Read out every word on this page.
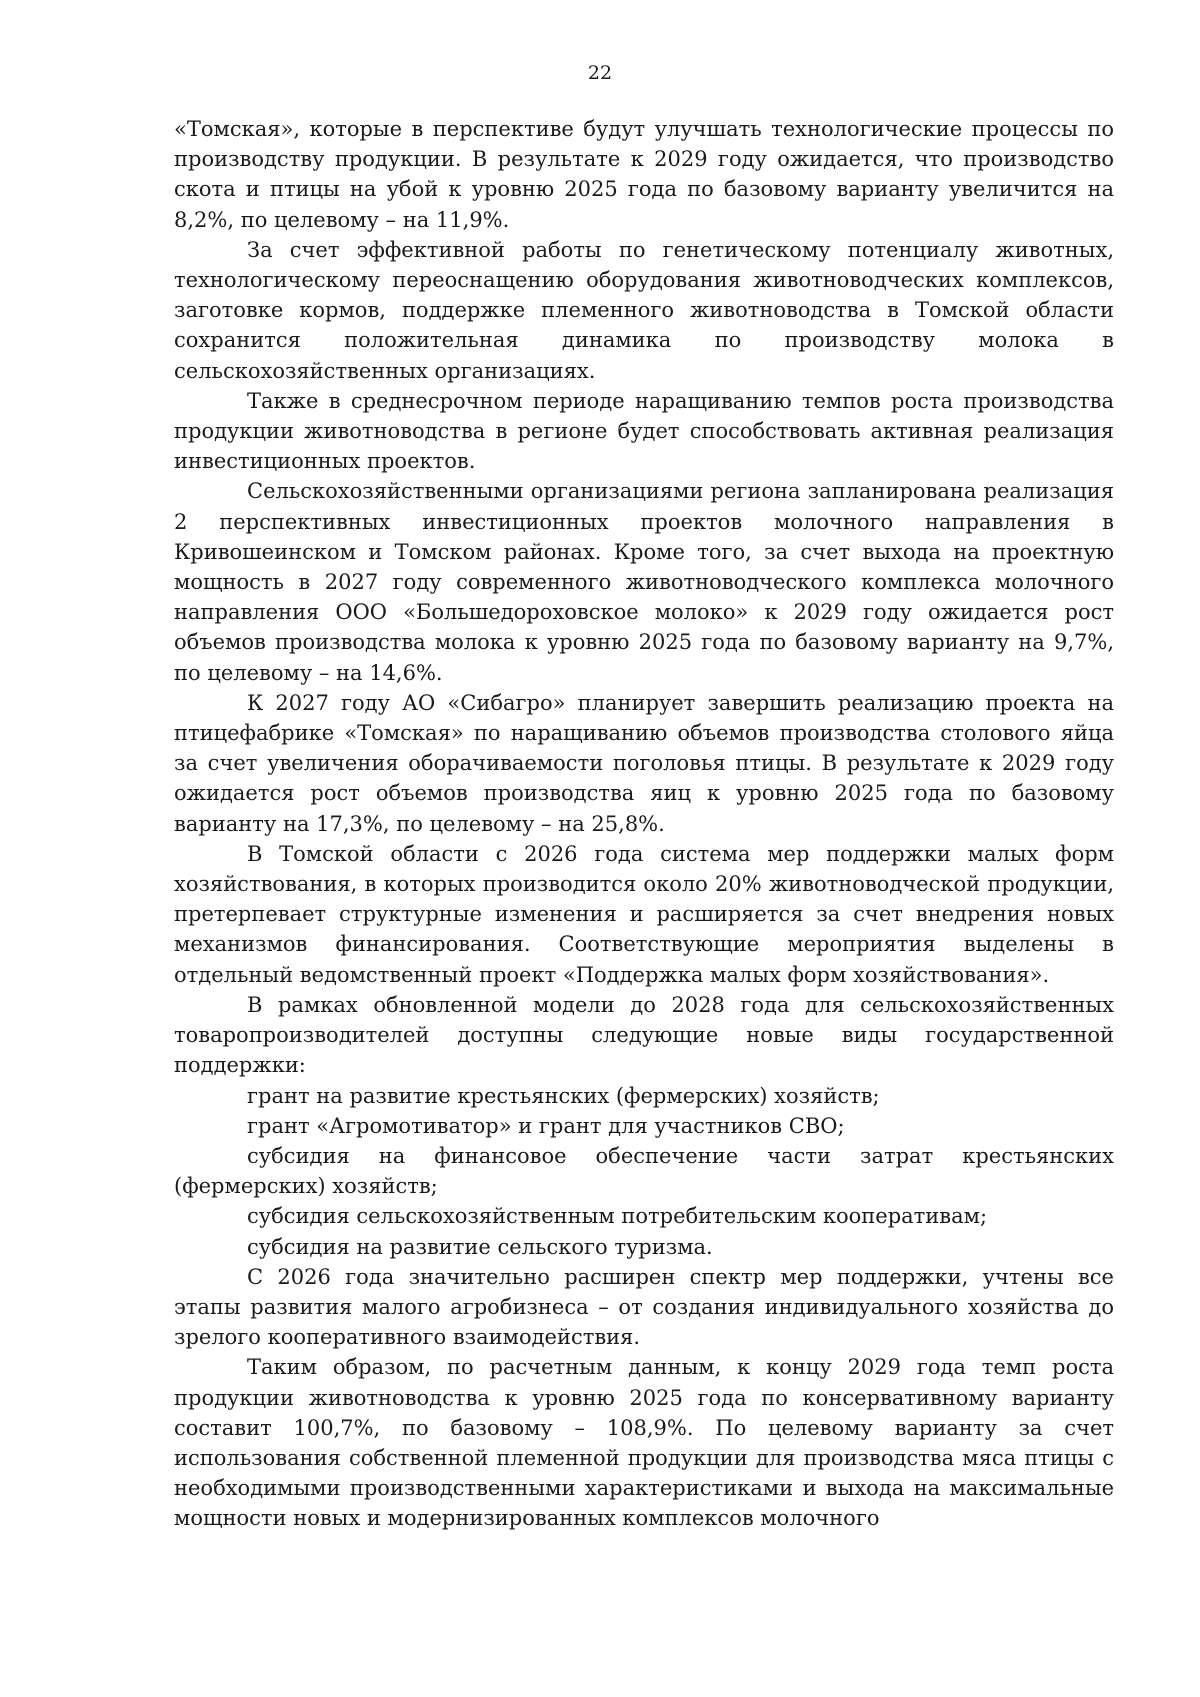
22

«Томская», которые в перспективе будут улучшать технологические процессы по производству продукции. В результате к 2029 году ожидается, что производство скота и птицы на убой к уровню 2025 года по базовому варианту увеличится на 8,2%, по целевому – на 11,9%.

За счет эффективной работы по генетическому потенциалу животных, технологическому переоснащению оборудования животноводческих комплексов, заготовке кормов, поддержке племенного животноводства в Томской области сохранится положительная динамика по производству молока в сельскохозяйственных организациях.

Также в среднесрочном периоде наращиванию темпов роста производства продукции животноводства в регионе будет способствовать активная реализация инвестиционных проектов.

Сельскохозяйственными организациями региона запланирована реализация 2 перспективных инвестиционных проектов молочного направления в Кривошеинском и Томском районах. Кроме того, за счет выхода на проектную мощность в 2027 году современного животноводческого комплекса молочного направления ООО «Большедороховское молоко» к 2029 году ожидается рост объемов производства молока к уровню 2025 года по базовому варианту на 9,7%, по целевому – на 14,6%.

К 2027 году АО «Сибагро» планирует завершить реализацию проекта на птицефабрике «Томская» по наращиванию объемов производства столового яйца за счет увеличения оборачиваемости поголовья птицы. В результате к 2029 году ожидается рост объемов производства яиц к уровню 2025 года по базовому варианту на 17,3%, по целевому – на 25,8%.

В Томской области с 2026 года система мер поддержки малых форм хозяйствования, в которых производится около 20% животноводческой продукции, претерпевает структурные изменения и расширяется за счет внедрения новых механизмов финансирования. Соответствующие мероприятия выделены в отдельный ведомственный проект «Поддержка малых форм хозяйствования».

В рамках обновленной модели до 2028 года для сельскохозяйственных товаропроизводителей доступны следующие новые виды государственной поддержки:

грант на развитие крестьянских (фермерских) хозяйств;

грант «Агромотиватор» и грант для участников СВО;

субсидия на финансовое обеспечение части затрат крестьянских (фермерских) хозяйств;

субсидия сельскохозяйственным потребительским кооперативам;

субсидия на развитие сельского туризма.

С 2026 года значительно расширен спектр мер поддержки, учтены все этапы развития малого агробизнеса – от создания индивидуального хозяйства до зрелого кооперативного взаимодействия.

Таким образом, по расчетным данным, к концу 2029 года темп роста продукции животноводства к уровню 2025 года по консервативному варианту составит 100,7%, по базовому – 108,9%. По целевому варианту за счет использования собственной племенной продукции для производства мяса птицы с необходимыми производственными характеристиками и выхода на максимальные мощности новых и модернизированных комплексов молочного
